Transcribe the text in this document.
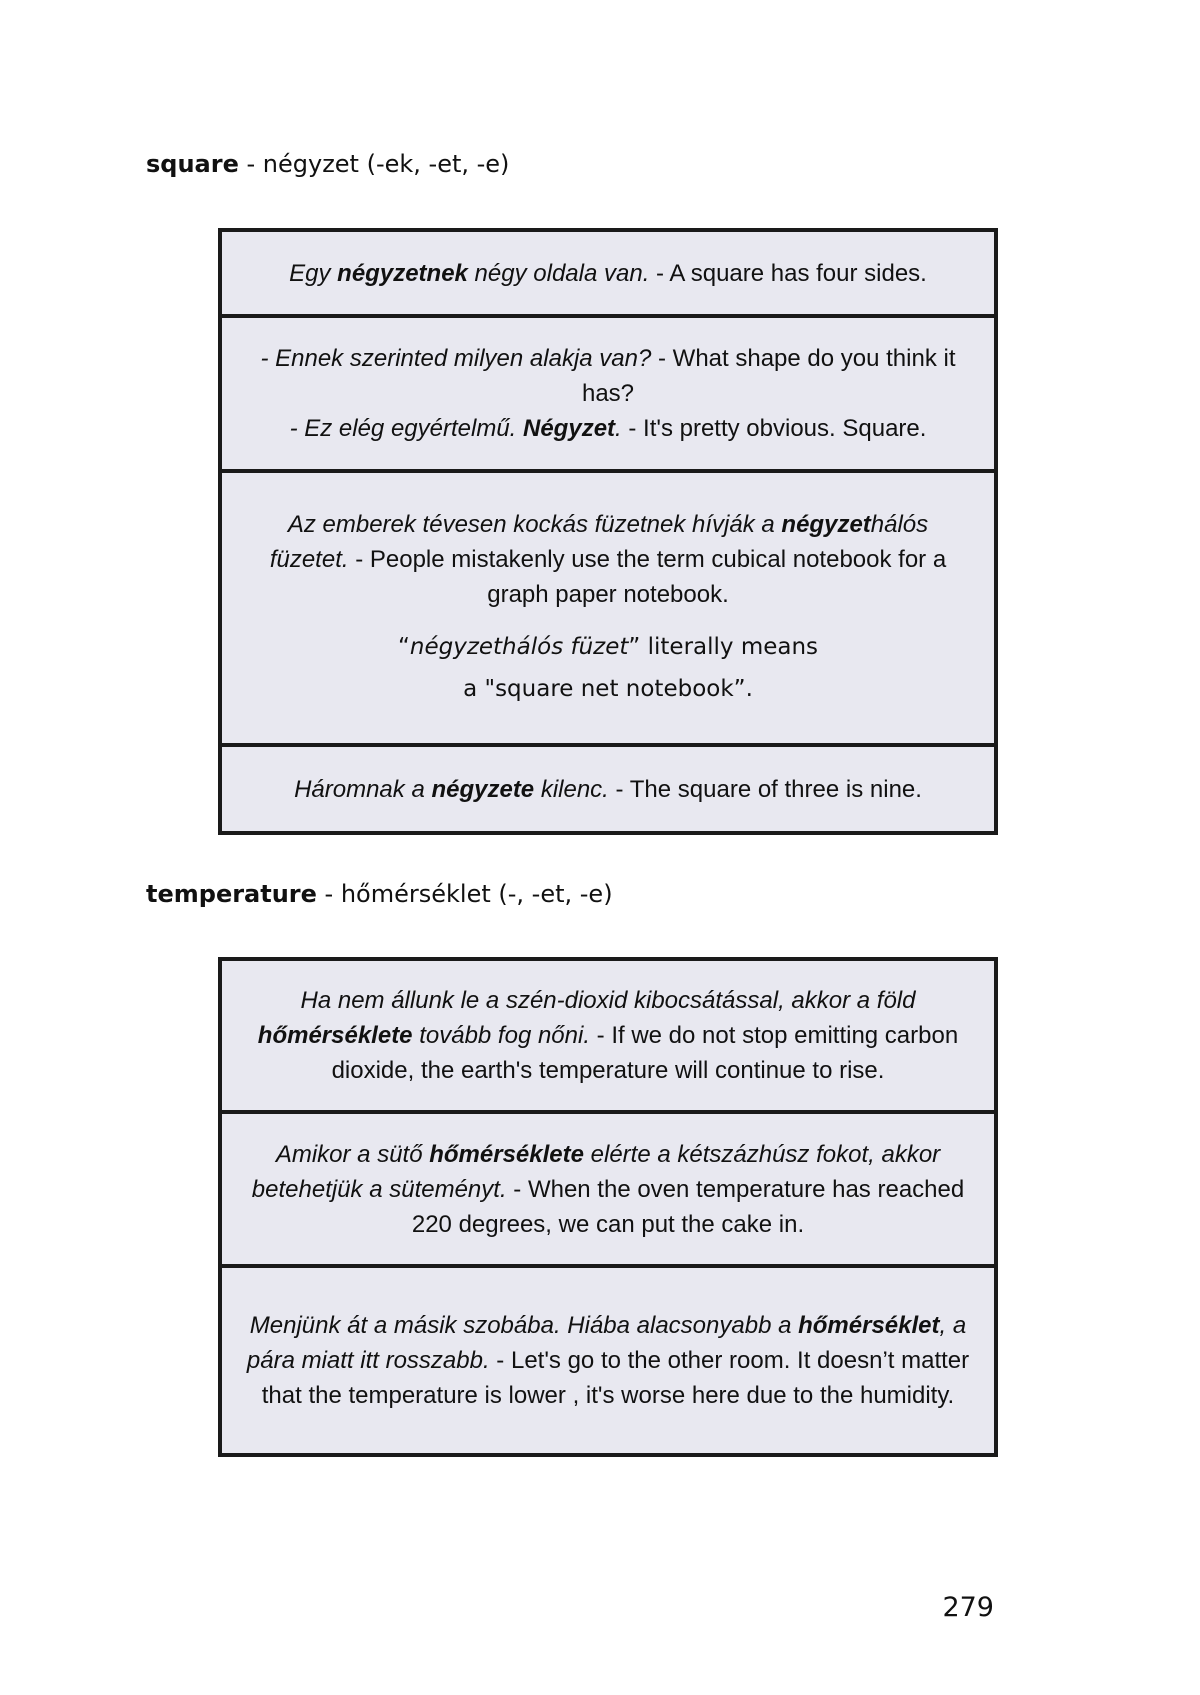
square - négyzet (-ek, -et, -e)

Egy négyzetnek négy oldala van. - A square has four sides.

- Ennek szerinted milyen alakja van? - What shape do you think it has?

- Ez elég egyértelmű. Négyzet. - It's pretty obvious. Square.

Az emberek tévesen kockás füzetnek hívják a négyzethálós füzetet. - People mistakenly use the term cubical notebook for a graph paper notebook.

“négyzethálós füzet” literally means
a "square net notebook”.

Háromnak a négyzete kilenc. - The square of three is nine.

temperature - hőmérséklet (-, -et, -e)

Ha nem állunk le a szén-dioxid kibocsátással, akkor a föld hőmérséklete tovább fog nőni. - If we do not stop emitting carbon dioxide, the earth's temperature will continue to rise.

Amikor a sütő hőmérséklete elérte a kétszázhúsz fokot, akkor betehetjük a süteményt. - When the oven temperature has reached 220 degrees, we can put the cake in.

Menjünk át a másik szobába. Hiába alacsonyabb a hőmérséklet, a pára miatt itt rosszabb. - Let's go to the other room. It doesn’t matter that the temperature is lower , it's worse here due to the humidity.

279
